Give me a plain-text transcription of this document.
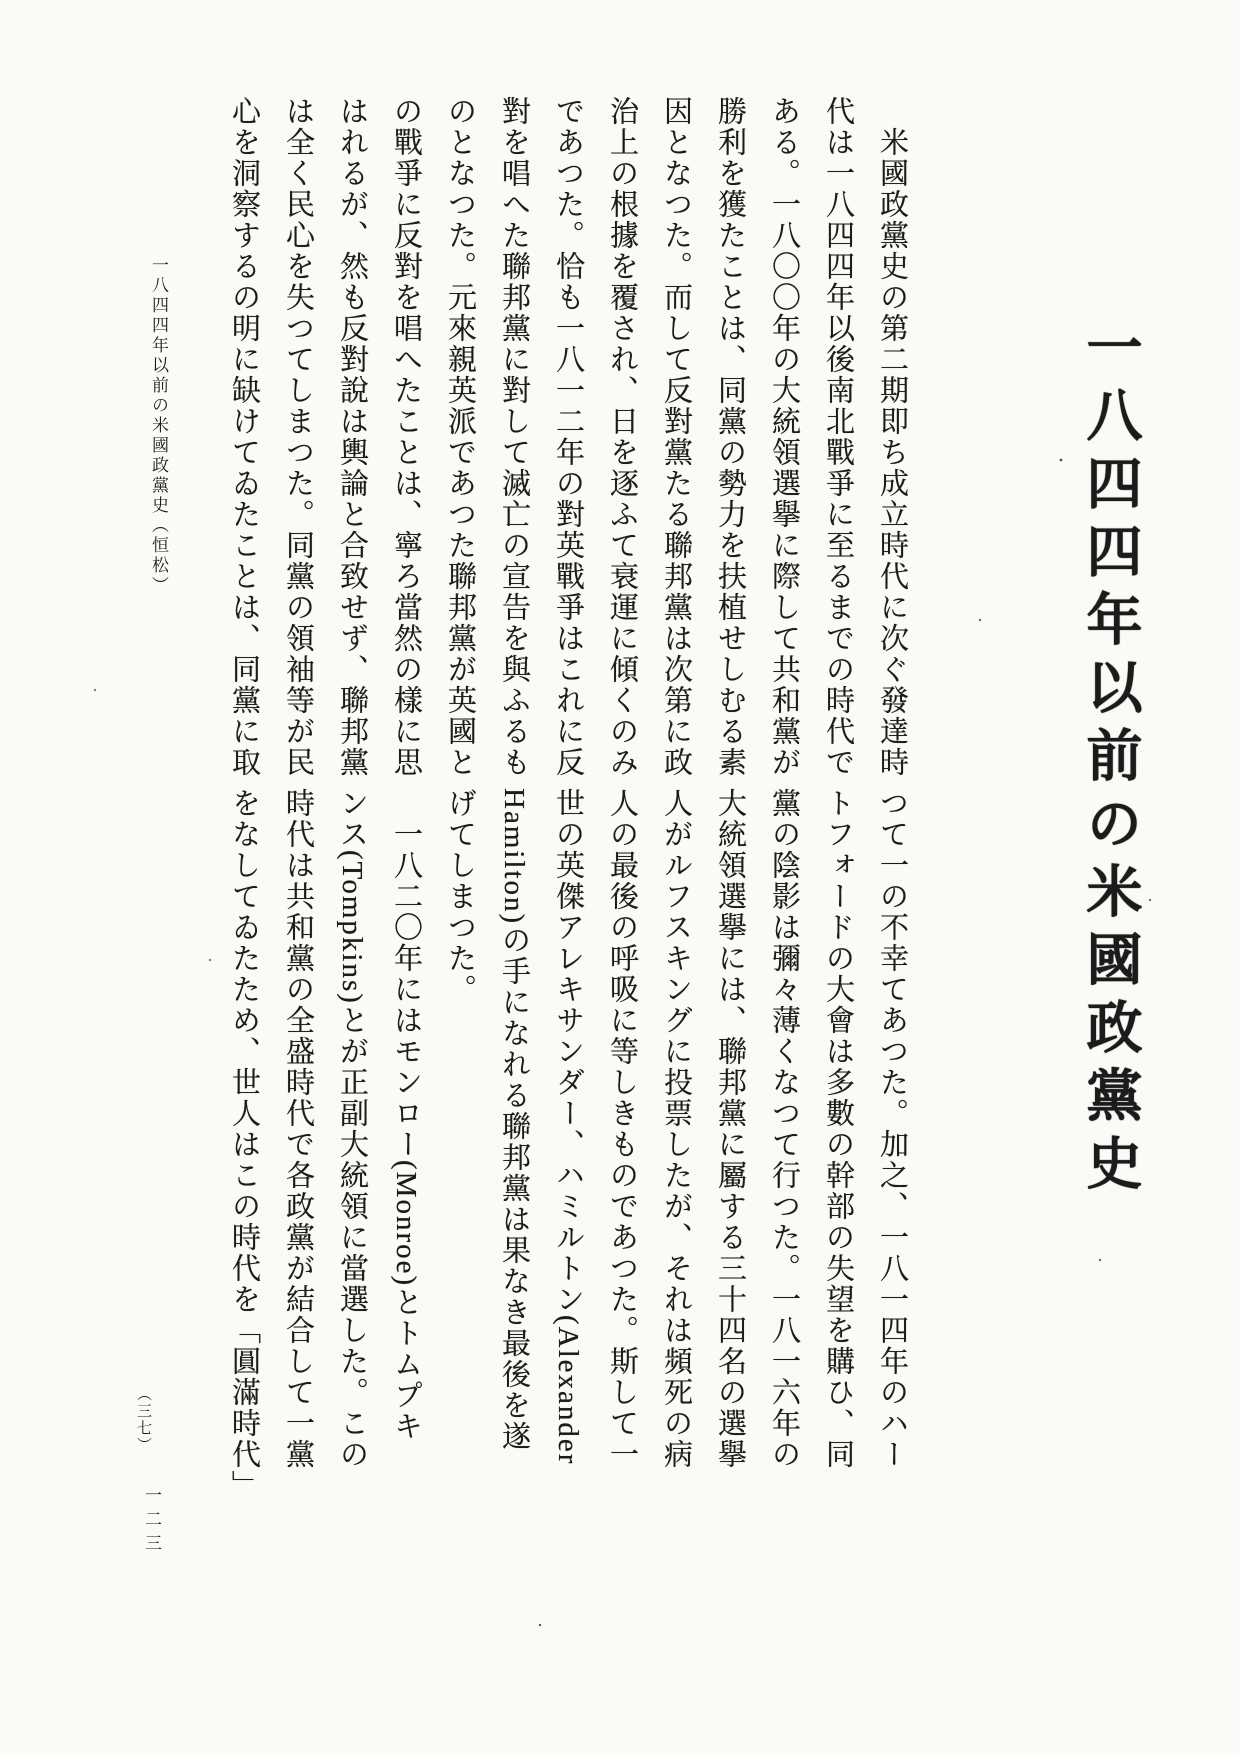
一八四四年以前の米國政黨史
　米國政黨史の第二期即ち成立時代に次ぐ發達時
代は一八四四年以後南北戰爭に至るまでの時代で
ある。一八〇〇年の大統領選擧に際して共和黨が
勝利を獲たことは、同黨の勢力を扶植せしむる素
因となつた。而して反對黨たる聯邦黨は次第に政
治上の根據を覆され、日を逐ふて衰運に傾くのみ
であつた。恰も一八一二年の對英戰爭はこれに反
對を唱へた聯邦黨に對して滅亡の宣告を與ふるも
のとなつた。元來親英派であつた聯邦黨が英國と
の戰爭に反對を唱へたことは、寧ろ當然の樣に思
はれるが、然も反對說は輿論と合致せず、聯邦黨
は全く民心を失つてしまつた。同黨の領袖等が民
心を洞察するの明に缺けてゐたことは、同黨に取
つて一の不幸てあつた。加之、一八一四年のハー
トフォードの大會は多數の幹部の失望を購ひ、同
黨の陰影は彌々薄くなつて行つた。一八一六年の
大統領選擧には、聯邦黨に屬する三十四名の選擧
人がルフスキングに投票したが、それは頻死の病
人の最後の呼吸に等しきものであつた。斯して一
世の英傑アレキサンダー、ハミルトン(Alexander
Hamilton)の手になれる聯邦黨は果なき最後を遂
げてしまつた。
　一八二〇年にはモンロー(Monroe)とトムプキ
ンス(Tompkins)とが正副大統領に當選した。この
時代は共和黨の全盛時代で各政黨が結合して一黨
をなしてゐたため、世人はこの時代を「圓滿時代」
一八四四年以前の米國政黨史（恒松）
（三七）
一二三
